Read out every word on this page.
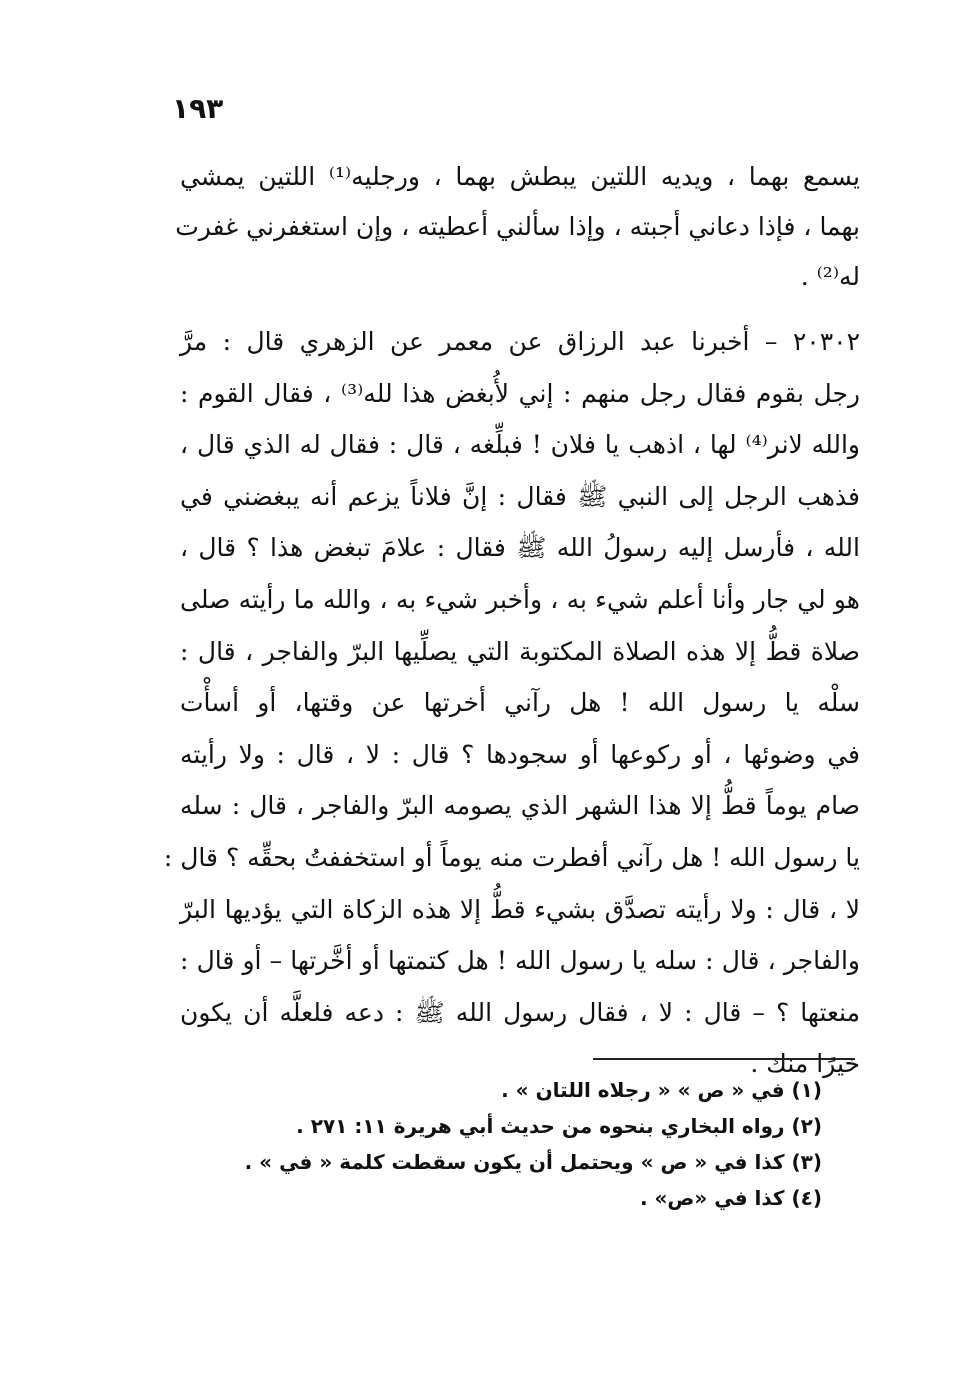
١٩٣
يسمع بهما ، ويديه اللتين يبطش بهما ، ورجليه⁽¹⁾ اللتين يمشي
بهما ، فإذا دعاني أجبته ، وإذا سألني أعطيته ، وإن استغفرني غفرت
له⁽²⁾ .
٢٠٣٠٢ – أخبرنا عبد الرزاق عن معمر عن الزهري قال : مرَّ
رجل بقوم فقال رجل منهم : إني لأُبغض هذا لله⁽³⁾ ، فقال القوم :
والله لانر⁽⁴⁾ لها ، اذهب يا فلان ! فبلِّغه ، قال : فقال له الذي قال ،
فذهب الرجل إلى النبي ﷺ فقال : إنَّ فلاناً يزعم أنه يبغضني في
الله ، فأرسل إليه رسولُ الله ﷺ فقال : علامَ تبغض هذا ؟ قال ،
هو لي جار وأنا أعلم شيء به ، وأخبر شيء به ، والله ما رأيته صلى
صلاة قطُّ إلا هذه الصلاة المكتوبة التي يصلِّيها البرّ والفاجر ، قال :
سلْه يا رسول الله ! هل رآني أخرتها عن وقتها، أو أسأْت
في وضوئها ، أو ركوعها أو سجودها ؟ قال : لا ، قال : ولا رأيته
صام يوماً قطُّ إلا هذا الشهر الذي يصومه البرّ والفاجر ، قال : سله
يا رسول الله ! هل رآني أفطرت منه يوماً أو استخففتُ بحقِّه ؟ قال :
لا ، قال : ولا رأيته تصدَّق بشيء قطُّ إلا هذه الزكاة التي يؤديها البرّ
والفاجر ، قال : سله يا رسول الله ! هل كتمتها أو أخَّرتها – أو قال :
منعتها ؟ – قال : لا ، فقال رسول الله ﷺ : دعه فلعلَّه أن يكون
خيرًا منك .
(١) في « ص » « رجلاه اللتان » .
(٢) رواه البخاري بنحوه من حديث أبي هريرة ١١: ٢٧١ .
(٣) كذا في « ص » ويحتمل أن يكون سقطت كلمة « في » .
(٤) كذا في «ص» .
